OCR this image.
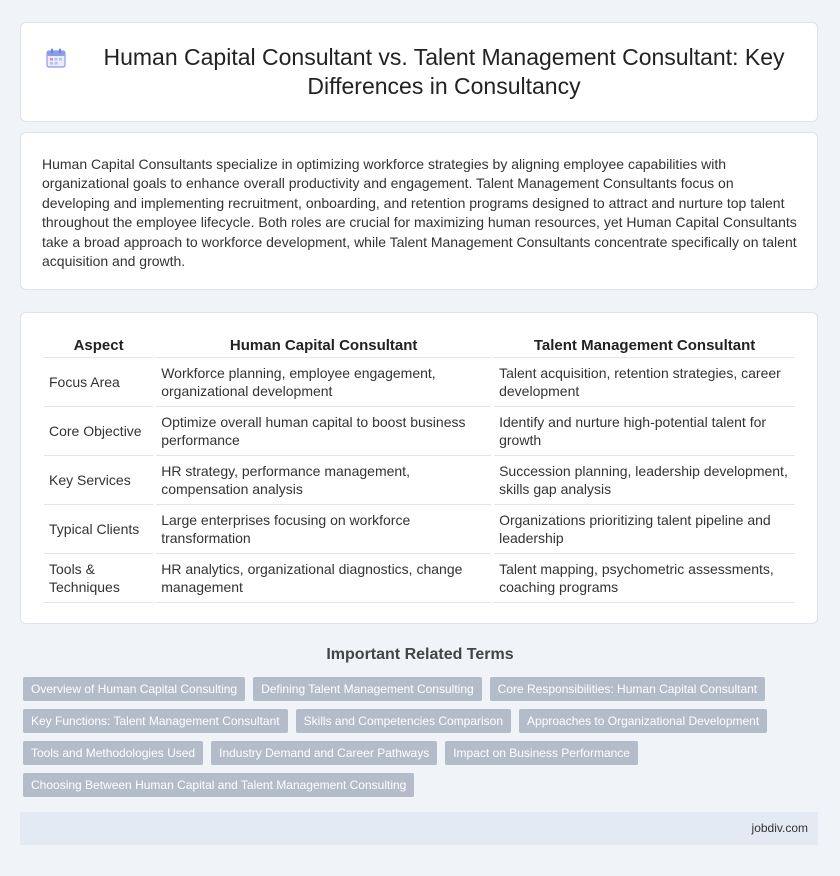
Human Capital Consultant vs. Talent Management Consultant: Key Differences in Consultancy

Human Capital Consultants specialize in optimizing workforce strategies by aligning employee capabilities with organizational goals to enhance overall productivity and engagement. Talent Management Consultants focus on developing and implementing recruitment, onboarding, and retention programs designed to attract and nurture top talent throughout the employee lifecycle. Both roles are crucial for maximizing human resources, yet Human Capital Consultants take a broad approach to workforce development, while Talent Management Consultants concentrate specifically on talent acquisition and growth.

Aspect	Human Capital Consultant	Talent Management Consultant
Focus Area	Workforce planning, employee engagement, organizational development	Talent acquisition, retention strategies, career development
Core Objective	Optimize overall human capital to boost business performance	Identify and nurture high-potential talent for growth
Key Services	HR strategy, performance management, compensation analysis	Succession planning, leadership development, skills gap analysis
Typical Clients	Large enterprises focusing on workforce transformation	Organizations prioritizing talent pipeline and leadership
Tools & Techniques	HR analytics, organizational diagnostics, change management	Talent mapping, psychometric assessments, coaching programs
Important Related Terms
Overview of Human Capital Consulting	Defining Talent Management Consulting	Core Responsibilities: Human Capital Consultant
Key Functions: Talent Management Consultant	Skills and Competencies Comparison	Approaches to Organizational Development
Tools and Methodologies Used	Industry Demand and Career Pathways	Impact on Business Performance
Choosing Between Human Capital and Talent Management Consulting
jobdiv.com
